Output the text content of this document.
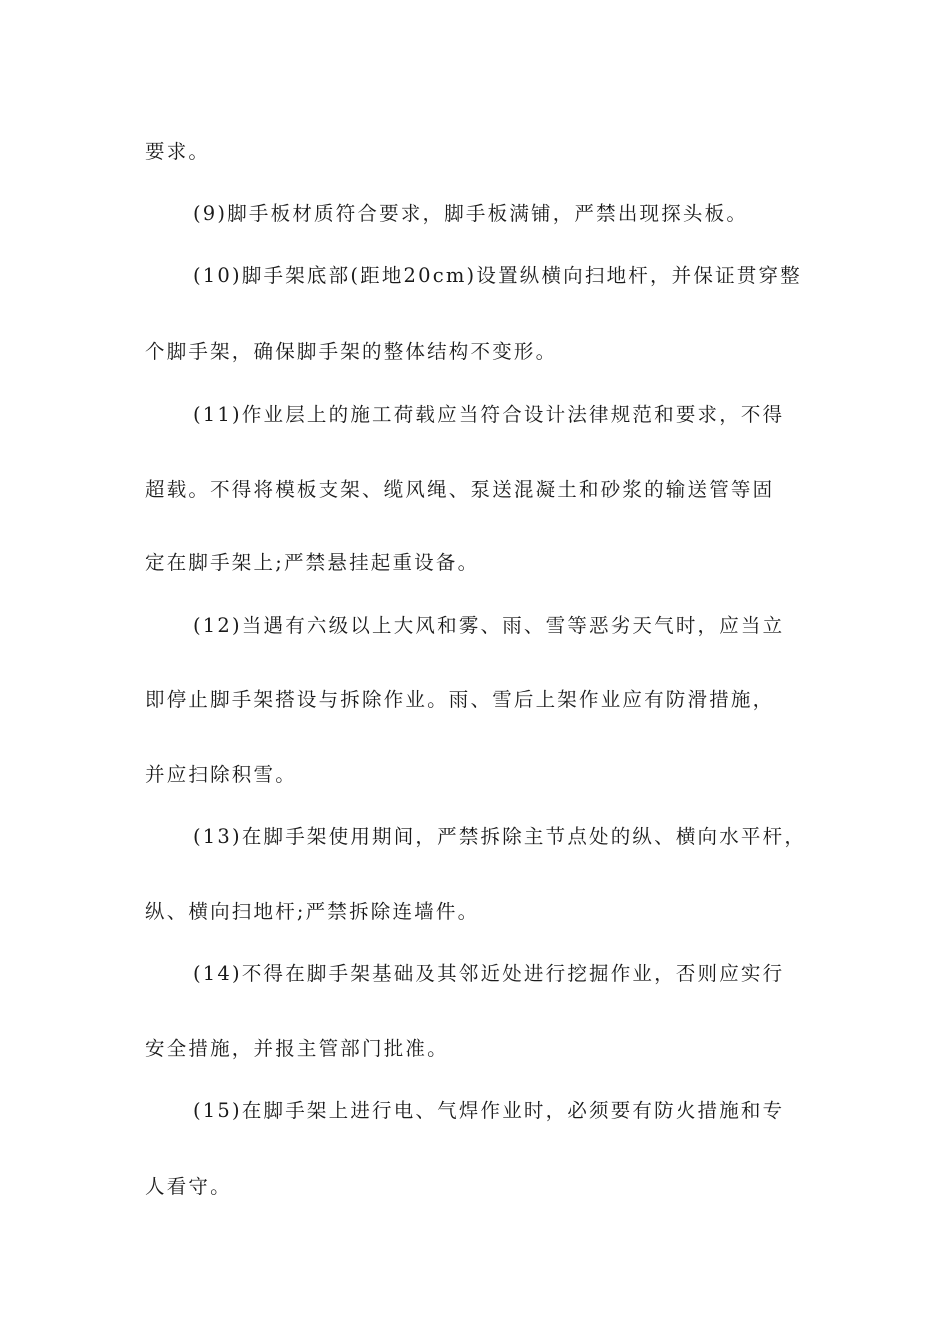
要求。
(9)脚手板材质符合要求，脚手板满铺，严禁出现探头板。
(10)脚手架底部(距地20cm)设置纵横向扫地杆，并保证贯穿整
个脚手架，确保脚手架的整体结构不变形。
(11)作业层上的施工荷载应当符合设计法律规范和要求，不得
超载。不得将模板支架、缆风绳、泵送混凝土和砂浆的输送管等固
定在脚手架上;严禁悬挂起重设备。
(12)当遇有六级以上大风和雾、雨、雪等恶劣天气时，应当立
即停止脚手架搭设与拆除作业。雨、雪后上架作业应有防滑措施，
并应扫除积雪。
(13)在脚手架使用期间，严禁拆除主节点处的纵、横向水平杆，
纵、横向扫地杆;严禁拆除连墙件。
(14)不得在脚手架基础及其邻近处进行挖掘作业，否则应实行
安全措施，并报主管部门批准。
(15)在脚手架上进行电、气焊作业时，必须要有防火措施和专
人看守。
